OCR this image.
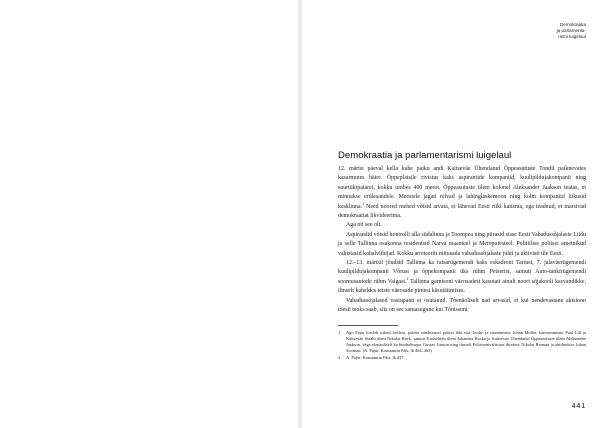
Demokraatia
ja parlamenta-
rismi luigelaul
Demokraatia ja parlamentarismi luigelaul

12. märtsi päeval kella kahe paiku andi Kaitseväe Ühendatud Õppeasutuste Tondil paiknevates kasarmutes häire. Õppeplatsile rivistus kaks aspirantide kompaniid, kuulipildujakompanii ning suurtükipatarei, kokku umbes 400 meest. Õppeasutuste ülem kolonel Aleksander Jaakson teatas, et minnakse erülesandele. Meestele jagati relvad ja lahinglaskemoon ning kolm kompaniid liikusid kesklinna.$^1$ Need noored mehed võisid arvata, et lähevad Eesti riiki kaitsma, ega teadnud, et marsivad demokraatiat likvideerima.

Aga nii see oli.

Aspirandid võtsid kontrolli alla südalinna ja Toompea ning piirasid sisse Eesti Vabadussõjalaste Liidu ja selle Tallinna osakonna residentsid Narva maanteel ja Merepuiesteel. Poliitilise politsei ametnikud vahistasid kohalviibijad. Kokku arreteeriti mitusada vabadussõjalaste juhti ja aktivisti üle Eesti.

12.–13. märtsil jõudsid Tallinna ka ratsarügemendi kaks eskadroni Tartust, 7. jalaväerügemendi kuulipildujakompanii Võrust ja õppekompanii üks rühm Petserist, samuti Auto-tankirügemendi soomusautode rühm Valgast.$^2$ Tallinna garnisoni väeosadest kasutati ainult noori sõjakooli kasvandikke, ilmselt kaheldes teiste väeosade pimesi käsutäitmises.

Vabadussõjalased vastupanu ei osutanud. Tõenäoliselt nad arvasid, et kui nendevastane aktsioon tõesti teoks saab, siis on see samasugune kui Tõnissoni

1	Ago Pajur loetleb isikud, kelleta, poleks sündmustel pööret läbi viia: kodu- ja siseminister Johan Muller, kaitseminister Paul Lill ja Kaitseväe Staabi ülem Nikolai Reek, samuti Kaitseliidu ülem Johannes Roska ja Kaitseväe Ühendatud Õppeasutuste ülem Aleksander Jaakson, väga tõenäoliselt ka kindralmajor Gustav Jonson ning ilmselt Poliitsenivalitsuse direktor Nikolai Reiman ja abidirektor Johan Sooman. (A. Pajur. Konstantin Päts, lk 464–465)
2	A. Pajur. Konstantin Päts, lk 437.
441
